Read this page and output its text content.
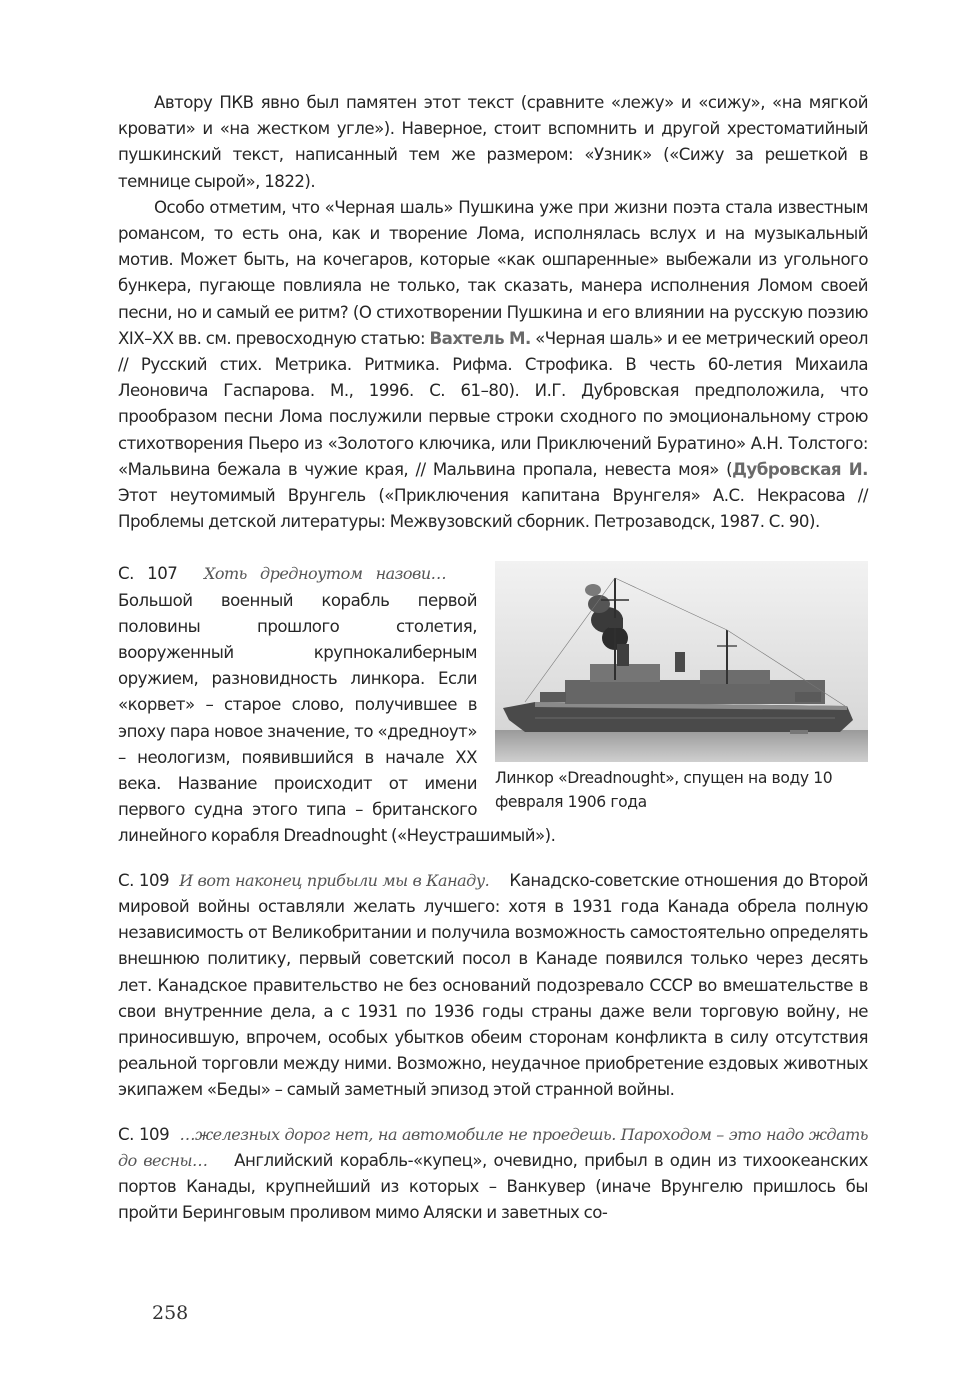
Автору ПКВ явно был памятен этот текст (сравните «лежу» и «сижу», «на мягкой кровати» и «на жестком угле»). Наверное, стоит вспомнить и другой хрестоматийный пушкинский текст, написанный тем же размером: «Узник» («Сижу за решеткой в темнице сырой», 1822).

Особо отметим, что «Черная шаль» Пушкина уже при жизни поэта стала известным романсом, то есть она, как и творение Лома, исполнялась вслух и на музыкальный мотив. Может быть, на кочегаров, которые «как ошпаренные» выбежали из угольного бункера, пугающе повлияла не только, так сказать, манера исполнения Ломом своей песни, но и самый ее ритм? (О стихотворении Пушкина и его влиянии на русскую поэзию XIX–XX вв. см. превосходную статью: Вахтель М. «Черная шаль» и ее метрический ореол // Русский стих. Метрика. Ритмика. Рифма. Строфика. В честь 60-летия Михаила Леоновича Гаспарова. М., 1996. С. 61–80). И.Г. Дубровская предположила, что прообразом песни Лома послужили первые строки сходного по эмоциональному строю стихотворения Пьеро из «Золотого ключика, или Приключений Буратино» А.Н. Толстого: «Мальвина бежала в чужие края, // Мальвина пропала, невеста моя» (Дубровская И. Этот неутомимый Врунгель («Приключения капитана Врунгеля» А.С. Некрасова // Проблемы детской литературы: Межвузовский сборник. Петрозаводск, 1987. С. 90).

Линкор «Dreadnought», спущен на воду 10 февраля 1906 года

С. 107 Хоть дредноутом назови…    Большой военный корабль первой половины прошлого столетия, вооруженный крупнокалиберным оружием, разновидность линкора. Если «корвет» – старое слово, получившее в эпоху пара новое значение, то «дредноут» – неологизм, появившийся в начале XX века. Название происходит от имени первого судна этого типа – британского линейного корабля Dreadnought («Неустрашимый»).

С. 109 И вот наконец прибыли мы в Канаду. Канадско-советские отношения до Второй мировой войны оставляли желать лучшего: хотя в 1931 года Канада обрела полную независимость от Великобритании и получила возможность самостоятельно определять внешнюю политику, первый советский посол в Канаде появился только через десять лет. Канадское правительство не без оснований подозревало СССР во вмешательстве в свои внутренние дела, а с 1931 по 1936 годы страны даже вели торговую войну, не приносившую, впрочем, особых убытков обеим сторонам конфликта в силу отсутствия реальной торговли между ними. Возможно, неудачное приобретение ездовых животных экипажем «Беды» – самый заметный эпизод этой странной войны.

С. 109 …железных дорог нет, на автомобиле не проедешь. Пароходом – это надо ждать до весны… Английский корабль-«купец», очевидно, прибыл в один из тихоокеанских портов Канады, крупнейший из которых – Ванкувер (иначе Врунгелю пришлось бы пройти Беринговым проливом мимо Аляски и заветных со-

258
